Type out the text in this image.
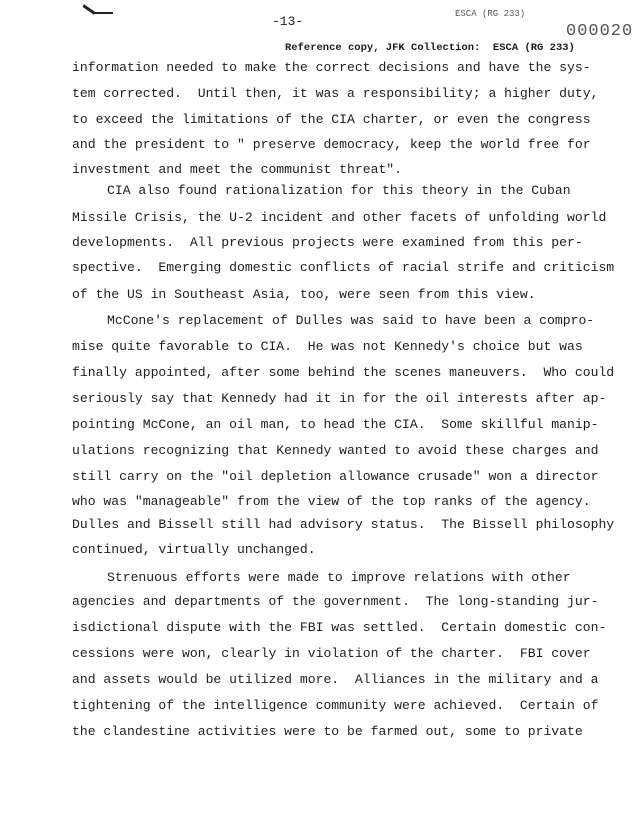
ESCA (RG 233)
-13-
000020
Reference copy, JFK Collection:  ESCA (RG 233)
information needed to make the correct decisions and have the sys-
tem corrected.  Until then, it was a responsibility; a higher duty,
to exceed the limitations of the CIA charter, or even the congress
and the president to " preserve democracy, keep the world free for
investment and meet the communist threat".
CIA also found rationalization for this theory in the Cuban
Missile Crisis, the U-2 incident and other facets of unfolding world
developments.  All previous projects were examined from this per-
spective.  Emerging domestic conflicts of racial strife and criticism
of the US in Southeast Asia, too, were seen from this view.
McCone's replacement of Dulles was said to have been a compro-
mise quite favorable to CIA.  He was not Kennedy's choice but was
finally appointed, after some behind the scenes maneuvers.  Who could
seriously say that Kennedy had it in for the oil interests after ap-
pointing McCone, an oil man, to head the CIA.  Some skillful manip-
ulations recognizing that Kennedy wanted to avoid these charges and
still carry on the "oil depletion allowance crusade" won a director
who was "manageable" from the view of the top ranks of the agency.
Dulles and Bissell still had advisory status.  The Bissell philosophy
continued, virtually unchanged.
Strenuous efforts were made to improve relations with other
agencies and departments of the government.  The long-standing jur-
isdictional dispute with the FBI was settled.  Certain domestic con-
cessions were won, clearly in violation of the charter.  FBI cover
and assets would be utilized more.  Alliances in the military and a
tightening of the intelligence community were achieved.  Certain of
the clandestine activities were to be farmed out, some to private
